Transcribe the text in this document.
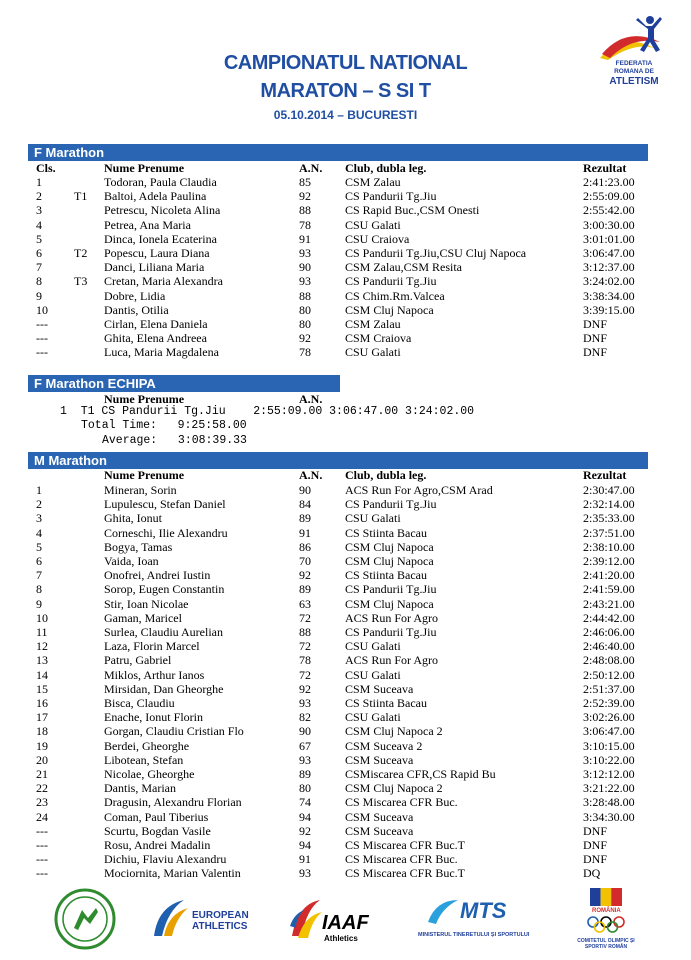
CAMPIONATUL NATIONAL
MARATON – S SI T
05.10.2014 – BUCURESTI
FEDERATIA
ROMANA DE
ATLETISM
F Marathon
Cls.	Nume Prenume	A.N. Club, dubla leg.	Rezultat
1	Todoran, Paula Claudia	85	CSM Zalau	2:41:23.00
2	T1 Baltoi, Adela Paulina	92	CS Pandurii Tg.Jiu	2:55:09.00
3	Petrescu, Nicoleta Alina	88	CS Rapid Buc.,CSM Onesti	2:55:42.00
4	Petrea, Ana Maria	78	CSU Galati	3:00:30.00
5	Dinca, Ionela Ecaterina	91	CSU Craiova	3:01:01.00
6	T2 Popescu, Laura Diana	93	CS Pandurii Tg.Jiu,CSU Cluj Napoca	3:06:47.00
7	Danci, Liliana Maria	90	CSM Zalau,CSM Resita	3:12:37.00
8	T3 Cretan, Maria Alexandra	93	CS Pandurii Tg.Jiu	3:24:02.00
9	Dobre, Lidia	88	CS Chim.Rm.Valcea	3:38:34.00
10	Dantis, Otilia	80	CSM Cluj Napoca	3:39:15.00
---	Cirlan, Elena Daniela	80	CSM Zalau	DNF
---	Ghita, Elena Andreea	92	CSM Craiova	DNF
---	Luca, Maria Magdalena	78	CSU Galati	DNF
F Marathon ECHIPA
Nume Prenume	A.N.
1  T1 CS Pandurii Tg.Jiu    2:55:09.00 3:06:47.00 3:24:02.00
Total Time:   9:25:58.00
Average:   3:08:39.33
M Marathon
Nume Prenume	A.N. Club, dubla leg.	Rezultat
1	Mineran, Sorin	90	ACS Run For Agro,CSM Arad	2:30:47.00
2	Lupulescu, Stefan Daniel	84	CS Pandurii Tg.Jiu	2:32:14.00
3	Ghita, Ionut	89	CSU Galati	2:35:33.00
4	Corneschi, Ilie Alexandru	91	CS Stiinta Bacau	2:37:51.00
5	Bogya, Tamas	86	CSM Cluj Napoca	2:38:10.00
6	Vaida, Ioan	70	CSM Cluj Napoca	2:39:12.00
7	Onofrei, Andrei Iustin	92	CS Stiinta Bacau	2:41:20.00
8	Sorop, Eugen Constantin	89	CS Pandurii Tg.Jiu	2:41:59.00
9	Stir, Ioan Nicolae	63	CSM Cluj Napoca	2:43:21.00
10	Gaman, Maricel	72	ACS Run For Agro	2:44:42.00
11	Surlea, Claudiu Aurelian	88	CS Pandurii Tg.Jiu	2:46:06.00
12	Laza, Florin Marcel	72	CSU Galati	2:46:40.00
13	Patru, Gabriel	78	ACS Run For Agro	2:48:08.00
14	Miklos, Arthur Ianos	72	CSU Galati	2:50:12.00
15	Mirsidan, Dan Gheorghe	92	CSM Suceava	2:51:37.00
16	Bisca, Claudiu	93	CS Stiinta Bacau	2:52:39.00
17	Enache, Ionut Florin	82	CSU Galati	3:02:26.00
18	Gorgan, Claudiu Cristian Flo	90	CSM Cluj Napoca 2	3:06:47.00
19	Berdei, Gheorghe	67	CSM Suceava 2	3:10:15.00
20	Libotean, Stefan	93	CSM Suceava	3:10:22.00
21	Nicolae, Gheorghe	89	CSMiscarea CFR,CS Rapid Bu	3:12:12.00
22	Dantis, Marian	80	CSM Cluj Napoca 2	3:21:22.00
23	Dragusin, Alexandru Florian	74	CS Miscarea CFR Buc.	3:28:48.00
24	Coman, Paul Tiberius	94	CSM Suceava	3:34:30.00
---	Scurtu, Bogdan Vasile	92	CSM Suceava	DNF
---	Rosu, Andrei Madalin	94	CS Miscarea CFR Buc.T	DNF
---	Dichiu, Flaviu Alexandru	91	CS Miscarea CFR Buc.	DNF
---	Mociornita, Marian Valentin	93	CS Miscarea CFR Buc.T	DQ
EUROPEAN
ATHLETICS	IAAF
Athletics
MTS
MINISTERUL TINERETULUI ȘI SPORTULUI
ROMÂNIA
COMITETUL OLIMPIC ȘI SPORTIV ROMÂN
